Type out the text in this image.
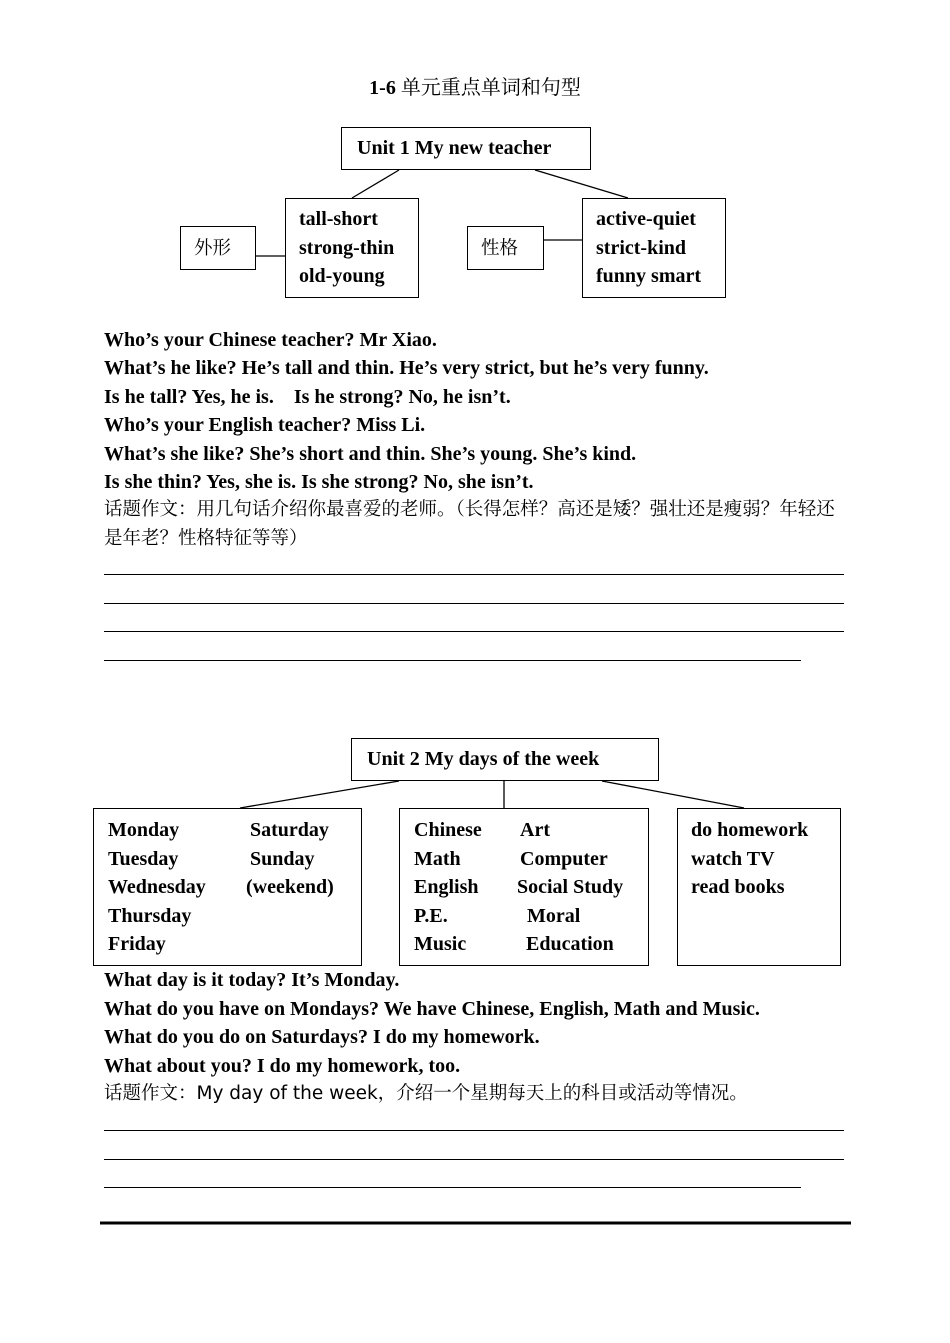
1-6 单元重点单词和句型
Unit 1 My new teacher
外形
tall-short
strong-thin
old-young
性格
active-quiet
strict-kind
funny smart
Who’s your Chinese teacher? Mr Xiao.
What’s he like? He’s tall and thin. He’s very strict, but he’s very funny.
Is he tall? Yes, he is.    Is he strong? No, he isn’t.
Who’s your English teacher? Miss Li.
What’s she like? She’s short and thin. She’s young. She’s kind.
Is she thin? Yes, she is. Is she strong? No, she isn’t.
话题作文：用几句话介绍你最喜爱的老师。（长得怎样？高还是矮？强壮还是瘦弱？年轻还是年老？性格特征等等）
Unit 2 My days of the week
Monday
Tuesday
Wednesday
Thursday
Friday
Saturday
Sunday
(weekend)
Chinese
Math
English
P.E.
Music
Art
Computer
Social Study
Moral
Education
do homework
watch TV
read books
What day is it today? It’s Monday.
What do you have on Mondays? We have Chinese, English, Math and Music.
What do you do on Saturdays? I do my homework.
What about you? I do my homework, too.
话题作文：My day of the week，介绍一个星期每天上的科目或活动等情况。
